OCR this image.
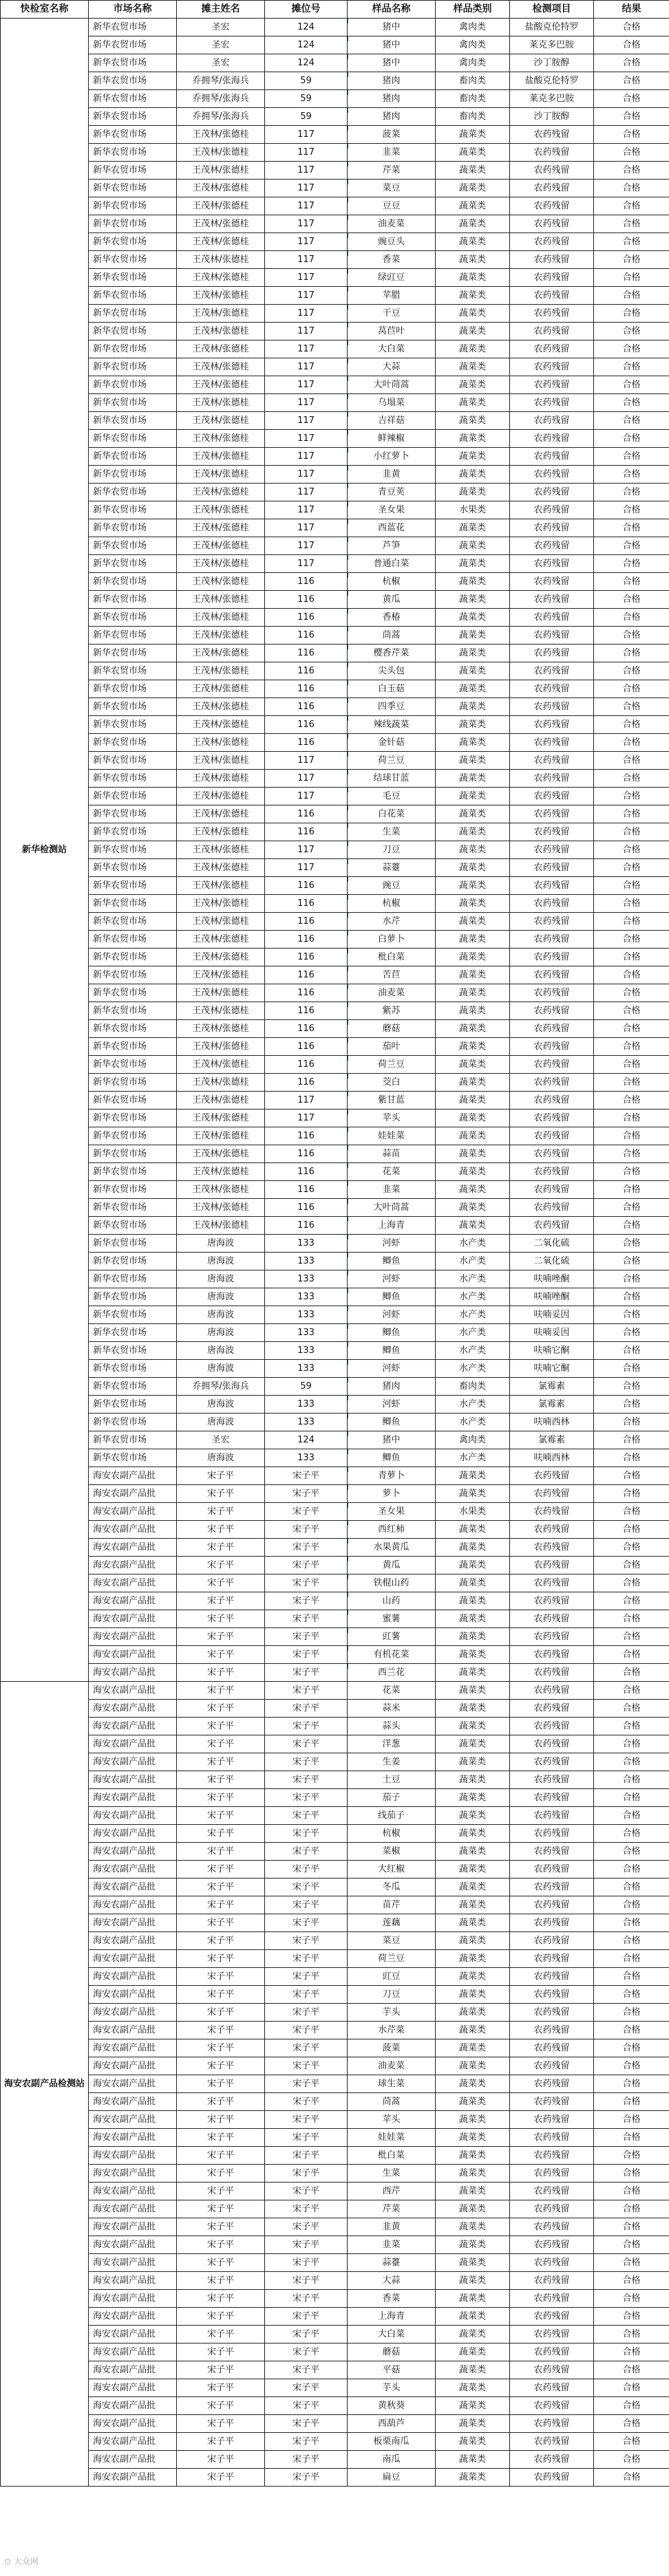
快检室名称	市场名称	摊主姓名	摊位号	样品名称	样品类别	检测项目	结果
新华检测站	新华农贸市场	圣宏	124	猪中	禽肉类	盐酸克伦特罗	合格
	新华农贸市场	圣宏	124	猪中	禽肉类	莱克多巴胺	合格
	新华农贸市场	圣宏	124	猪中	禽肉类	沙丁胺醇	合格
	新华农贸市场	乔拥琴/张海兵	59	猪肉	畜肉类	盐酸克伦特罗	合格
	新华农贸市场	乔拥琴/张海兵	59	猪肉	畜肉类	莱克多巴胺	合格
	新华农贸市场	乔拥琴/张海兵	59	猪肉	畜肉类	沙丁胺醇	合格
	新华农贸市场	王茂林/张德桂	117	菠菜	蔬菜类	农药残留	合格
	新华农贸市场	王茂林/张德桂	117	韭菜	蔬菜类	农药残留	合格
	新华农贸市场	王茂林/张德桂	117	芹菜	蔬菜类	农药残留	合格
	新华农贸市场	王茂林/张德桂	117	菜豆	蔬菜类	农药残留	合格
	新华农贸市场	王茂林/张德桂	117	豆豆	蔬菜类	农药残留	合格
	新华农贸市场	王茂林/张德桂	117	油麦菜	蔬菜类	农药残留	合格
	新华农贸市场	王茂林/张德桂	117	豌豆头	蔬菜类	农药残留	合格
	新华农贸市场	王茂林/张德桂	117	香菜	蔬菜类	农药残留	合格
	新华农贸市场	王茂林/张德桂	117	绿豇豆	蔬菜类	农药残留	合格
	新华农贸市场	王茂林/张德桂	117	苹腊	蔬菜类	农药残留	合格
	新华农贸市场	王茂林/张德桂	117	干豆	蔬菜类	农药残留	合格
	新华农贸市场	王茂林/张德桂	117	莴苣叶	蔬菜类	农药残留	合格
	新华农贸市场	王茂林/张德桂	117	大白菜	蔬菜类	农药残留	合格
	新华农贸市场	王茂林/张德桂	117	大蒜	蔬菜类	农药残留	合格
	新华农贸市场	王茂林/张德桂	117	大叶茼蒿	蔬菜类	农药残留	合格
	新华农贸市场	王茂林/张德桂	117	乌塌菜	蔬菜类	农药残留	合格
	新华农贸市场	王茂林/张德桂	117	吉祥菇	蔬菜类	农药残留	合格
	新华农贸市场	王茂林/张德桂	117	鲜辣椒	蔬菜类	农药残留	合格
	新华农贸市场	王茂林/张德桂	117	小红萝卜	蔬菜类	农药残留	合格
	新华农贸市场	王茂林/张德桂	117	韭黄	蔬菜类	农药残留	合格
	新华农贸市场	王茂林/张德桂	117	青豆荚	蔬菜类	农药残留	合格
	新华农贸市场	王茂林/张德桂	117	圣女果	水果类	农药残留	合格
	新华农贸市场	王茂林/张德桂	117	西蓝花	蔬菜类	农药残留	合格
	新华农贸市场	王茂林/张德桂	117	芦笋	蔬菜类	农药残留	合格
	新华农贸市场	王茂林/张德桂	117	普通白菜	蔬菜类	农药残留	合格
	新华农贸市场	王茂林/张德桂	116	杭椒	蔬菜类	农药残留	合格
	新华农贸市场	王茂林/张德桂	116	黄瓜	蔬菜类	农药残留	合格
	新华农贸市场	王茂林/张德桂	116	香椿	蔬菜类	农药残留	合格
	新华农贸市场	王茂林/张德桂	116	茼蒿	蔬菜类	农药残留	合格
	新华农贸市场	王茂林/张德桂	116	樱香芹菜	蔬菜类	农药残留	合格
	新华农贸市场	王茂林/张德桂	116	尖头包	蔬菜类	农药残留	合格
	新华农贸市场	王茂林/张德桂	116	白玉菇	蔬菜类	农药残留	合格
	新华农贸市场	王茂林/张德桂	116	四季豆	蔬菜类	农药残留	合格
	新华农贸市场	王茂林/张德桂	116	辣线蔬菜	蔬菜类	农药残留	合格
	新华农贸市场	王茂林/张德桂	116	金针菇	蔬菜类	农药残留	合格
	新华农贸市场	王茂林/张德桂	117	荷兰豆	蔬菜类	农药残留	合格
	新华农贸市场	王茂林/张德桂	117	结球甘蓝	蔬菜类	农药残留	合格
	新华农贸市场	王茂林/张德桂	117	毛豆	蔬菜类	农药残留	合格
	新华农贸市场	王茂林/张德桂	116	白花菜	蔬菜类	农药残留	合格
	新华农贸市场	王茂林/张德桂	116	生菜	蔬菜类	农药残留	合格
	新华农贸市场	王茂林/张德桂	117	刀豆	蔬菜类	农药残留	合格
	新华农贸市场	王茂林/张德桂	117	蒜薹	蔬菜类	农药残留	合格
	新华农贸市场	王茂林/张德桂	116	豌豆	蔬菜类	农药残留	合格
	新华农贸市场	王茂林/张德桂	116	杭椒	蔬菜类	农药残留	合格
	新华农贸市场	王茂林/张德桂	116	水芹	蔬菜类	农药残留	合格
	新华农贸市场	王茂林/张德桂	116	白萝卜	蔬菜类	农药残留	合格
	新华农贸市场	王茂林/张德桂	116	枇白菜	蔬菜类	农药残留	合格
	新华农贸市场	王茂林/张德桂	116	苦苣	蔬菜类	农药残留	合格
	新华农贸市场	王茂林/张德桂	116	油麦菜	蔬菜类	农药残留	合格
	新华农贸市场	王茂林/张德桂	116	紫苏	蔬菜类	农药残留	合格
	新华农贸市场	王茂林/张德桂	116	蘑菇	蔬菜类	农药残留	合格
	新华农贸市场	王茂林/张德桂	116	茄叶	蔬菜类	农药残留	合格
	新华农贸市场	王茂林/张德桂	116	荷兰豆	蔬菜类	农药残留	合格
	新华农贸市场	王茂林/张德桂	116	茭白	蔬菜类	农药残留	合格
	新华农贸市场	王茂林/张德桂	117	紫甘蓝	蔬菜类	农药残留	合格
	新华农贸市场	王茂林/张德桂	117	苹头	蔬菜类	农药残留	合格
	新华农贸市场	王茂林/张德桂	116	娃娃菜	蔬菜类	农药残留	合格
	新华农贸市场	王茂林/张德桂	116	蒜苗	蔬菜类	农药残留	合格
	新华农贸市场	王茂林/张德桂	116	花菜	蔬菜类	农药残留	合格
	新华农贸市场	王茂林/张德桂	116	韭菜	蔬菜类	农药残留	合格
	新华农贸市场	王茂林/张德桂	116	大叶茼蒿	蔬菜类	农药残留	合格
	新华农贸市场	王茂林/张德桂	116	上海青	蔬菜类	农药残留	合格
	新华农贸市场	唐海波	133	河虾	水产类	二氧化硫	合格
	新华农贸市场	唐海波	133	鲫鱼	水产类	二氧化硫	合格
	新华农贸市场	唐海波	133	河虾	水产类	呋喃唑酮	合格
	新华农贸市场	唐海波	133	鲫鱼	水产类	呋喃唑酮	合格
	新华农贸市场	唐海波	133	河虾	水产类	呋喃妥因	合格
	新华农贸市场	唐海波	133	鲫鱼	水产类	呋喃妥因	合格
	新华农贸市场	唐海波	133	鲫鱼	水产类	呋喃它酮	合格
	新华农贸市场	唐海波	133	河虾	水产类	呋喃它酮	合格
	新华农贸市场	乔拥琴/张海兵	59	猪肉	畜肉类	氯霉素	合格
	新华农贸市场	唐海波	133	河虾	水产类	氯霉素	合格
	新华农贸市场	唐海波	133	鲫鱼	水产类	呋喃西林	合格
	新华农贸市场	圣宏	124	猪中	禽肉类	氯霉素	合格
	新华农贸市场	唐海波	133	鲫鱼	水产类	呋喃西林	合格
	海安农副产品批	宋子平	宋子平	青萝卜	蔬菜类	农药残留	合格
	海安农副产品批	宋子平	宋子平	萝卜	蔬菜类	农药残留	合格
	海安农副产品批	宋子平	宋子平	圣女果	水果类	农药残留	合格
	海安农副产品批	宋子平	宋子平	西红柿	蔬菜类	农药残留	合格
	海安农副产品批	宋子平	宋子平	水果黄瓜	蔬菜类	农药残留	合格
	海安农副产品批	宋子平	宋子平	黄瓜	蔬菜类	农药残留	合格
	海安农副产品批	宋子平	宋子平	铁棍山药	蔬菜类	农药残留	合格
	海安农副产品批	宋子平	宋子平	山药	蔬菜类	农药残留	合格
	海安农副产品批	宋子平	宋子平	蜜薯	蔬菜类	农药残留	合格
	海安农副产品批	宋子平	宋子平	豇薯	蔬菜类	农药残留	合格
	海安农副产品批	宋子平	宋子平	有机花菜	蔬菜类	农药残留	合格
	海安农副产品批	宋子平	宋子平	西兰花	蔬菜类	农药残留	合格
海安农副产品检测站	海安农副产品批	宋子平	宋子平	花菜	蔬菜类	农药残留	合格
	海安农副产品批	宋子平	宋子平	蒜米	蔬菜类	农药残留	合格
	海安农副产品批	宋子平	宋子平	蒜头	蔬菜类	农药残留	合格
	海安农副产品批	宋子平	宋子平	洋葱	蔬菜类	农药残留	合格
	海安农副产品批	宋子平	宋子平	生姜	蔬菜类	农药残留	合格
	海安农副产品批	宋子平	宋子平	土豆	蔬菜类	农药残留	合格
	海安农副产品批	宋子平	宋子平	茄子	蔬菜类	农药残留	合格
	海安农副产品批	宋子平	宋子平	线茄子	蔬菜类	农药残留	合格
	海安农副产品批	宋子平	宋子平	杭椒	蔬菜类	农药残留	合格
	海安农副产品批	宋子平	宋子平	菜椒	蔬菜类	农药残留	合格
	海安农副产品批	宋子平	宋子平	大红椒	蔬菜类	农药残留	合格
	海安农副产品批	宋子平	宋子平	冬瓜	蔬菜类	农药残留	合格
	海安农副产品批	宋子平	宋子平	苗芹	蔬菜类	农药残留	合格
	海安农副产品批	宋子平	宋子平	莲藕	蔬菜类	农药残留	合格
	海安农副产品批	宋子平	宋子平	菜豆	蔬菜类	农药残留	合格
	海安农副产品批	宋子平	宋子平	荷兰豆	蔬菜类	农药残留	合格
	海安农副产品批	宋子平	宋子平	豇豆	蔬菜类	农药残留	合格
	海安农副产品批	宋子平	宋子平	刀豆	蔬菜类	农药残留	合格
	海安农副产品批	宋子平	宋子平	芋头	蔬菜类	农药残留	合格
	海安农副产品批	宋子平	宋子平	水芹菜	蔬菜类	农药残留	合格
	海安农副产品批	宋子平	宋子平	菠菜	蔬菜类	农药残留	合格
	海安农副产品批	宋子平	宋子平	油麦菜	蔬菜类	农药残留	合格
	海安农副产品批	宋子平	宋子平	球生菜	蔬菜类	农药残留	合格
	海安农副产品批	宋子平	宋子平	茼蒿	蔬菜类	农药残留	合格
	海安农副产品批	宋子平	宋子平	苹头	蔬菜类	农药残留	合格
	海安农副产品批	宋子平	宋子平	娃娃菜	蔬菜类	农药残留	合格
	海安农副产品批	宋子平	宋子平	枇白菜	蔬菜类	农药残留	合格
	海安农副产品批	宋子平	宋子平	生菜	蔬菜类	农药残留	合格
	海安农副产品批	宋子平	宋子平	西芹	蔬菜类	农药残留	合格
	海安农副产品批	宋子平	宋子平	芹菜	蔬菜类	农药残留	合格
	海安农副产品批	宋子平	宋子平	韭黄	蔬菜类	农药残留	合格
	海安农副产品批	宋子平	宋子平	韭菜	蔬菜类	农药残留	合格
	海安农副产品批	宋子平	宋子平	蒜薹	蔬菜类	农药残留	合格
	海安农副产品批	宋子平	宋子平	大蒜	蔬菜类	农药残留	合格
	海安农副产品批	宋子平	宋子平	香菜	蔬菜类	农药残留	合格
	海安农副产品批	宋子平	宋子平	上海青	蔬菜类	农药残留	合格
	海安农副产品批	宋子平	宋子平	大白菜	蔬菜类	农药残留	合格
	海安农副产品批	宋子平	宋子平	蘑菇	蔬菜类	农药残留	合格
	海安农副产品批	宋子平	宋子平	平菇	蔬菜类	农药残留	合格
	海安农副产品批	宋子平	宋子平	芋头	蔬菜类	农药残留	合格
	海安农副产品批	宋子平	宋子平	黄秋葵	蔬菜类	农药残留	合格
	海安农副产品批	宋子平	宋子平	西葫芦	蔬菜类	农药残留	合格
	海安农副产品批	宋子平	宋子平	板栗南瓜	蔬菜类	农药残留	合格
	海安农副产品批	宋子平	宋子平	南瓜	蔬菜类	农药残留	合格
	海安农副产品批	宋子平	宋子平	扁豆	蔬菜类	农药残留	合格
⊙ 大众网
